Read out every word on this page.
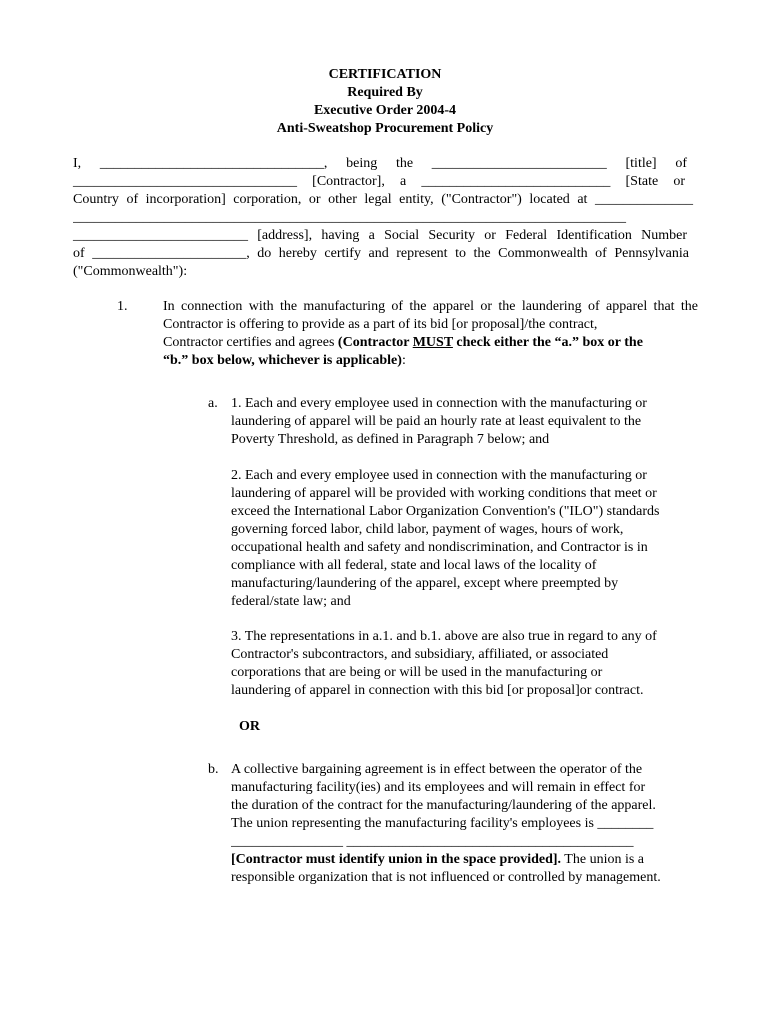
CERTIFICATION
Required By
Executive Order 2004-4
Anti-Sweatshop Procurement Policy
I, ________________________________, being the _________________________ [title] of
________________________________ [Contractor], a ___________________________ [State or
Country of incorporation] corporation, or other legal entity, ("Contractor") located at ______________
_______________________________________________________________________________
_________________________ [address], having a Social Security or Federal Identification Number
of ______________________, do hereby certify and represent to the Commonwealth of Pennsylvania
("Commonwealth"):
1.	In connection with the manufacturing of the apparel or the laundering of apparel that the
Contractor is offering to provide as a part of its bid [or proposal]/the contract,
Contractor certifies and agrees (Contractor MUST check either the “a.” box or the
“b.” box below, whichever is applicable):
a. 1. Each and every employee used in connection with the manufacturing or
laundering of apparel will be paid an hourly rate at least equivalent to the
Poverty Threshold, as defined in Paragraph 7 below; and
2. Each and every employee used in connection with the manufacturing or
laundering of apparel will be provided with working conditions that meet or
exceed the International Labor Organization Convention's ("ILO") standards
governing forced labor, child labor, payment of wages, hours of work,
occupational health and safety and nondiscrimination, and Contractor is in
compliance with all federal, state and local laws of the locality of
manufacturing/laundering of the apparel, except where preempted by
federal/state law; and
3. The representations in a.1. and b.1. above are also true in regard to any of
Contractor's subcontractors, and subsidiary, affiliated, or associated
corporations that are being or will be used in the manufacturing or
laundering of apparel in connection with this bid [or proposal]or contract.
OR
b. A collective bargaining agreement is in effect between the operator of the
manufacturing facility(ies) and its employees and will remain in effect for
the duration of the contract for the manufacturing/laundering of the apparel.
The union representing the manufacturing facility's employees is ________
________________ _________________________________________
[Contractor must identify union in the space provided]. The union is a
responsible organization that is not influenced or controlled by management.
